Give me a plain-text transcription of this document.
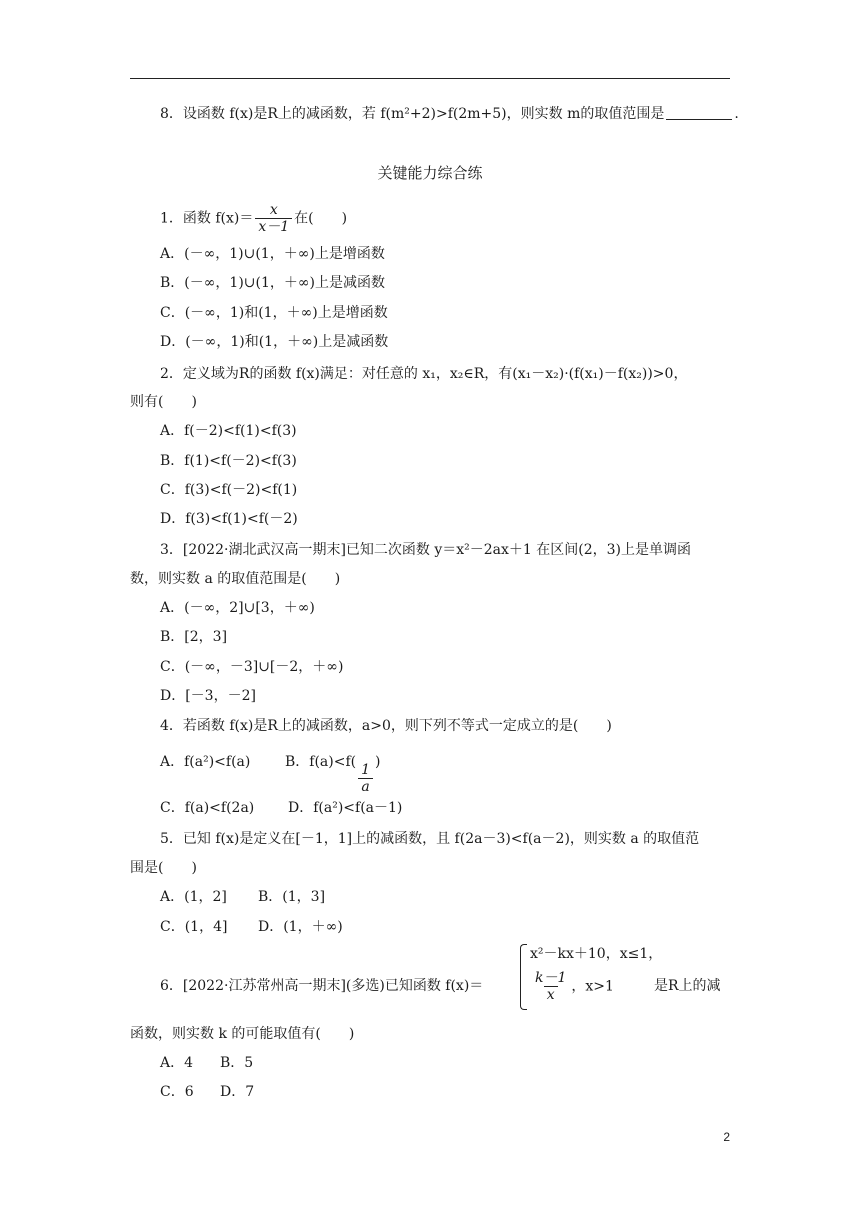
8．设函数 f(x)是R上的减函数，若 f(m²+2)>f(2m+5)，则实数 m的取值范围是	.
关键能力综合练
1．函数 $f(x)= \frac{x}{x-1}$ 在(　　)
A．(－∞，1)∪(1，＋∞)上是增函数
B．(－∞，1)∪(1，＋∞)上是减函数
C．(－∞，1)和(1，＋∞)上是增函数
D．(－∞，1)和(1，＋∞)上是减函数
2．定义域为R的函数 f(x)满足：对任意的 x₁，x₂∈R，有(x₁－x₂)·(f(x₁)－f(x₂))>0，
则有(　　)
A．f(－2)<f(1)<f(3)
B．f(1)<f(－2)<f(3)
C．f(3)<f(－2)<f(1)
D．f(3)<f(1)<f(－2)
3．[2022·湖北武汉高一期末]已知二次函数 y＝x²－2ax＋1 在区间(2，3)上是单调函
数，则实数 a 的取值范围是(　　)
A．(－∞，2]∪[3，＋∞)
B．[2，3]
C．(－∞，－3]∪[－2，＋∞)
D．[－3，－2]
4．若函数 f(x)是R上的减函数，a>0，则下列不等式一定成立的是(　　)
A．f(a²)<f(a) B．$f(a)<f( \frac{1}{a}$ )
C．f(a)<f(2a) D．f(a²)<f(a－1)
5．已知 f(x)是定义在[－1，1]上的减函数，且 f(2a－3)<f(a－2)，则实数 a 的取值范
围是(　　)
A．(1，2] B．(1，3]
C．(1，4] D．(1，＋∞)
6．[2022·江苏常州高一期末](多选)已知函数 f(x)＝
x²－kx＋10，x≤1，
$\frac{k-1}{x}$ ，x>1	是R上的减
函数，则实数 k 的可能取值有(　　)
A．4 B．5
C．6 D．7
2
